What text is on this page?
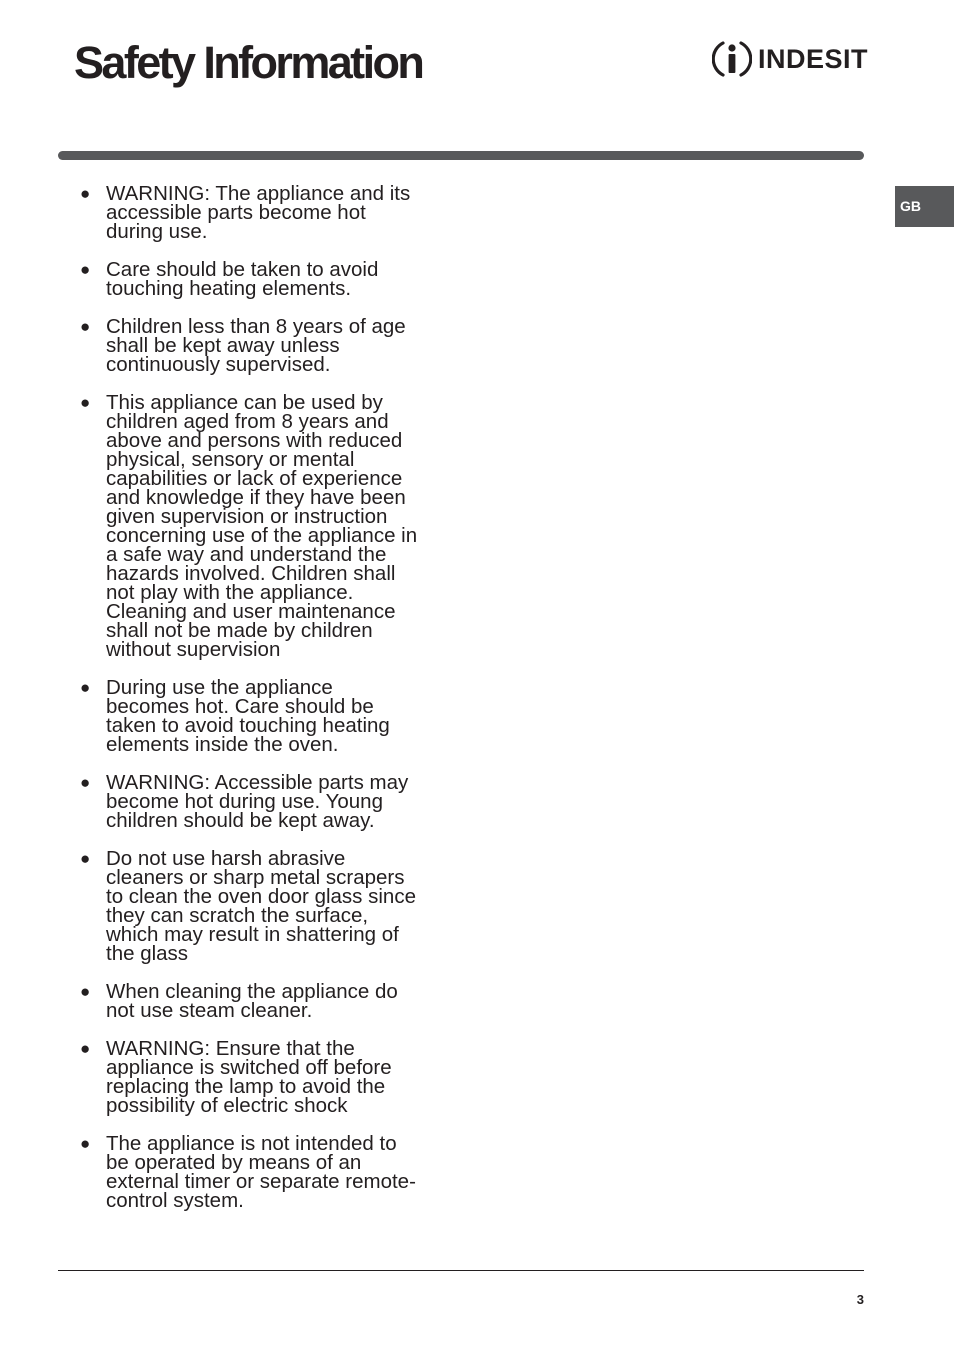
Safety Information	INDESIT
GB
● WARNING: The appliance and its
accessible parts become hot
during use.
● Care should be taken to avoid
touching heating elements.
● Children less than 8 years of age
shall be kept away unless
continuously supervised.
● This appliance can be used by
children aged from 8 years and
above and persons with reduced
physical, sensory or mental
capabilities or lack of experience
and knowledge if they have been
given supervision or instruction
concerning use of the appliance in
a safe way and understand the
hazards involved. Children shall
not play with the appliance.
Cleaning and user maintenance
shall not be made by children
without supervision
● During use the appliance
becomes hot. Care should be
taken to avoid touching heating
elements inside the oven.
● WARNING: Accessible parts may
become hot during use. Young
children should be kept away.
● Do not use harsh abrasive
cleaners or sharp metal scrapers
to clean the oven door glass since
they can scratch the surface,
which may result in shattering of
the glass
● When cleaning the appliance do
not use steam cleaner.
● WARNING: Ensure that the
appliance is switched off before
replacing the lamp to avoid the
possibility of electric shock
● The appliance is not intended to
be operated by means of an
external timer or separate remote-
control system.
3
